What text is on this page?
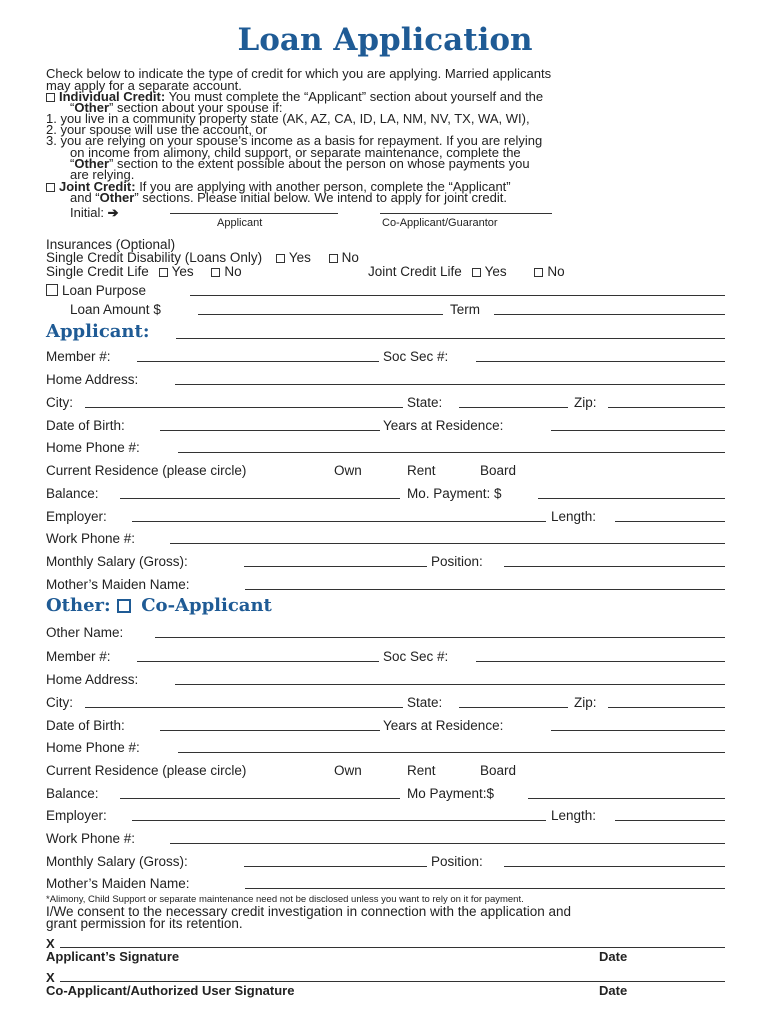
Loan Application
Check below to indicate the type of credit for which you are applying. Married applicants
may apply for a separate account.
Individual Credit: You must complete the “Applicant” section about yourself and the
“Other” section about your spouse if:
1. you live in a community property state (AK, AZ, CA, ID, LA, NM, NV, TX, WA, WI),
2. your spouse will use the account, or
3. you are relying on your spouse’s income as a basis for repayment. If you are relying
on income from alimony, child support, or separate maintenance, complete the
“Other” section to the extent possible about the person on whose payments you
are relying.
Joint Credit: If you are applying with another person, complete the “Applicant”
and “Other” sections. Please initial below. We intend to apply for joint credit.
Initial: ➔
Applicant	Co-Applicant/Guarantor
Insurances (Optional)
Single Credit Disability (Loans Only) Yes No
Single Credit Life Yes No	Joint Credit Life Yes	No
Loan Purpose
Loan Amount $	Term
Applicant:
Member #:	Soc Sec #:
Home Address:
City:	State:	Zip:
Date of Birth:	Years at Residence:
Home Phone #:
Current Residence (please circle)	Own	Rent	Board
Balance:	Mo. Payment: $
Employer:	Length:
Work Phone #:
Monthly Salary (Gross):	Position:
Mother’s Maiden Name:
Other: Co-Applicant
Other Name:
Member #:	Soc Sec #:
Home Address:
City:	State:	Zip:
Date of Birth:	Years at Residence:
Home Phone #:
Current Residence (please circle)	Own	Rent	Board
Balance:	Mo Payment:$
Employer:	Length:
Work Phone #:
Monthly Salary (Gross):	Position:
Mother’s Maiden Name:
*Alimony, Child Support or separate maintenance need not be disclosed unless you want to rely on it for payment.
I/We consent to the necessary credit investigation in connection with the application and
grant permission for its retention.
X
Applicant’s Signature	Date
X
Co-Applicant/Authorized User Signature	Date
